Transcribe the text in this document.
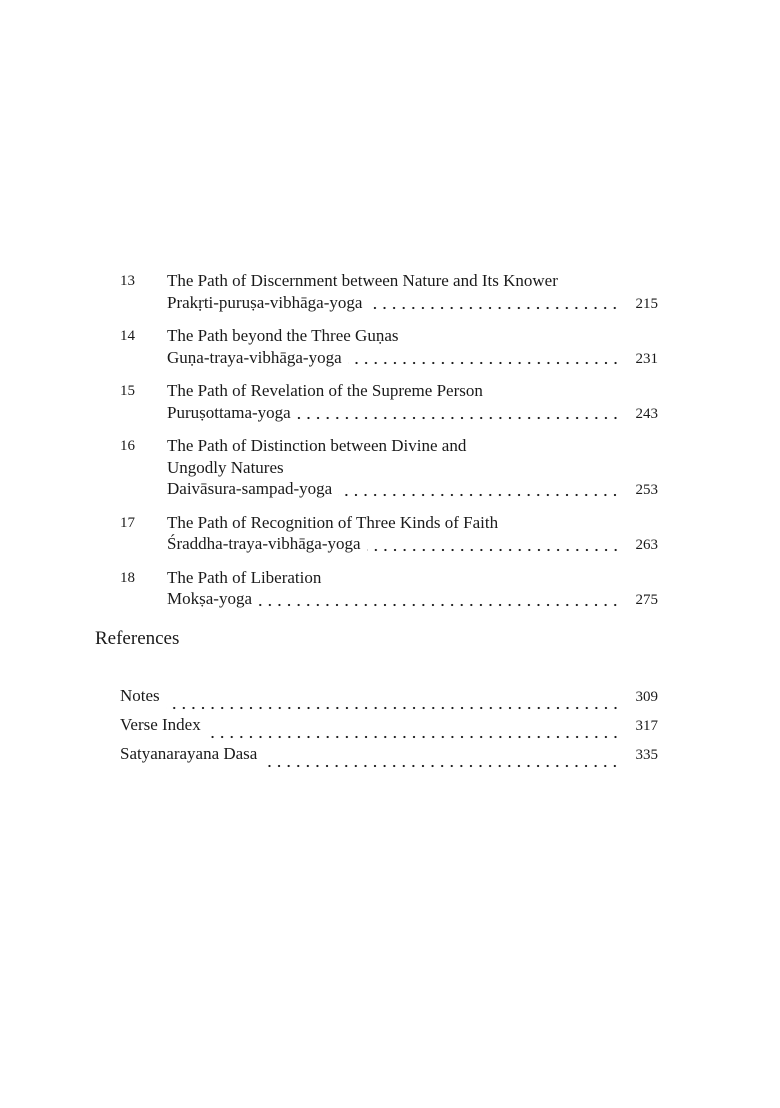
13	The Path of Discernment between Nature and Its Knower
Prakṛti-puruṣa-vibhāga-yoga	215
14	The Path beyond the Three Guṇas
Guṇa-traya-vibhāga-yoga	231
15	The Path of Revelation of the Supreme Person
Puruṣottama-yoga	243
16	The Path of Distinction between Divine and
Ungodly Natures
Daivāsura-sampad-yoga	253
17	The Path of Recognition of Three Kinds of Faith
Śraddha-traya-vibhāga-yoga	263
18	The Path of Liberation
Mokṣa-yoga	275
References
Notes	309
Verse Index	317
Satyanarayana Dasa	335
